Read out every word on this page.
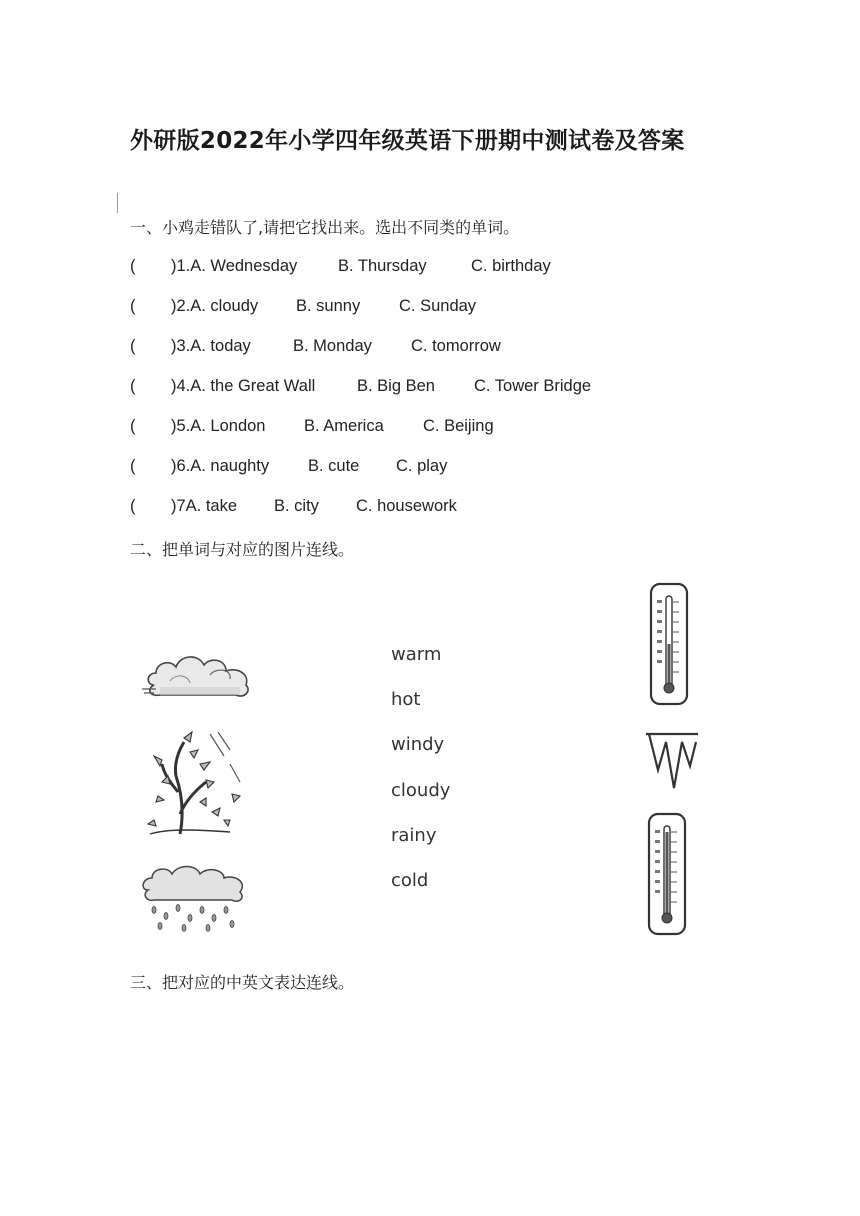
外研版2022年小学四年级英语下册期中测试卷及答案
一、小鸡走错队了,请把它找出来。选出不同类的单词。
( )1.A. Wednesday B. Thursday	C. birthday
( )2.A. cloudy B. sunny C. Sunday
( )3.A. today	B. Monday C. tomorrow
( )4.A. the Great Wall	B. Big Ben C. Tower Bridge
( )5.A. London B. America C. Beijing
( )6.A. naughty B. cute C. play
( )7A. take B. city C. housework
二、把单词与对应的图片连线。
warm
hot
windy
cloudy
rainy
cold
三、把对应的中英文表达连线。
